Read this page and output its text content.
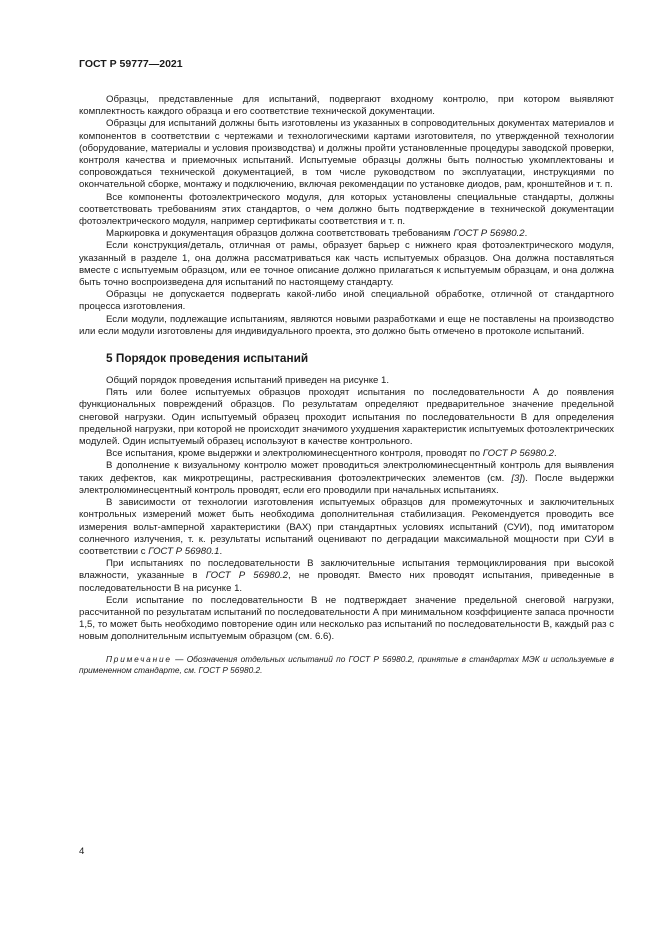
ГОСТ Р 59777—2021

Образцы, представленные для испытаний, подвергают входному контролю, при котором выявляют комплектность каждого образца и его соответствие технической документации.

Образцы для испытаний должны быть изготовлены из указанных в сопроводительных документах материалов и компонентов в соответствии с чертежами и технологическими картами изготовителя, по утвержденной технологии (оборудование, материалы и условия производства) и должны пройти установленные процедуры заводской проверки, контроля качества и приемочных испытаний. Испытуемые образцы должны быть полностью укомплектованы и сопровождаться технической документацией, в том числе руководством по эксплуатации, инструкциями по окончательной сборке, монтажу и подключению, включая рекомендации по установке диодов, рам, кронштейнов и т. п.

Все компоненты фотоэлектрического модуля, для которых установлены специальные стандарты, должны соответствовать требованиям этих стандартов, о чем должно быть подтверждение в технической документации фотоэлектрического модуля, например сертификаты соответствия и т. п.

Маркировка и документация образцов должна соответствовать требованиям ГОСТ Р 56980.2.

Если конструкция/деталь, отличная от рамы, образует барьер с нижнего края фотоэлектрического модуля, указанный в разделе 1, она должна рассматриваться как часть испытуемых образцов. Она должна поставляться вместе с испытуемым образцом, или ее точное описание должно прилагаться к испытуемым образцам, и она должна быть точно воспроизведена для испытаний по настоящему стандарту.

Образцы не допускается подвергать какой-либо иной специальной обработке, отличной от стандартного процесса изготовления.

Если модули, подлежащие испытаниям, являются новыми разработками и еще не поставлены на производство или если модули изготовлены для индивидуального проекта, это должно быть отмечено в протоколе испытаний.

5 Порядок проведения испытаний

Общий порядок проведения испытаний приведен на рисунке 1.

Пять или более испытуемых образцов проходят испытания по последовательности А до появления функциональных повреждений образцов. По результатам определяют предварительное значение предельной снеговой нагрузки. Один испытуемый образец проходит испытания по последовательности В для определения предельной нагрузки, при которой не происходит значимого ухудшения характеристик испытуемых фотоэлектрических модулей. Один испытуемый образец используют в качестве контрольного.

Все испытания, кроме выдержки и электролюминесцентного контроля, проводят по ГОСТ Р 56980.2.

В дополнение к визуальному контролю может проводиться электролюминесцентный контроль для выявления таких дефектов, как микротрещины, растрескивания фотоэлектрических элементов (см. [3]). После выдержки электролюминесцентный контроль проводят, если его проводили при начальных испытаниях.

В зависимости от технологии изготовления испытуемых образцов для промежуточных и заключительных контрольных измерений может быть необходима дополнительная стабилизация. Рекомендуется проводить все измерения вольт-амперной характеристики (ВАХ) при стандартных условиях испытаний (СУИ), под имитатором солнечного излучения, т. к. результаты испытаний оценивают по деградации максимальной мощности при СУИ в соответствии с ГОСТ Р 56980.1.

При испытаниях по последовательности В заключительные испытания термоциклирования при высокой влажности, указанные в ГОСТ Р 56980.2, не проводят. Вместо них проводят испытания, приведенные в последовательности В на рисунке 1.

Если испытание по последовательности В не подтверждает значение предельной снеговой нагрузки, рассчитанной по результатам испытаний по последовательности А при минимальном коэффициенте запаса прочности 1,5, то может быть необходимо повторение один или несколько раз испытаний по последовательности В, каждый раз с новым дополнительным испытуемым образцом (см. 6.6).

Примечание — Обозначения отдельных испытаний по ГОСТ Р 56980.2, принятые в стандартах МЭК и используемые в примененном стандарте, см. ГОСТ Р 56980.2.
4
